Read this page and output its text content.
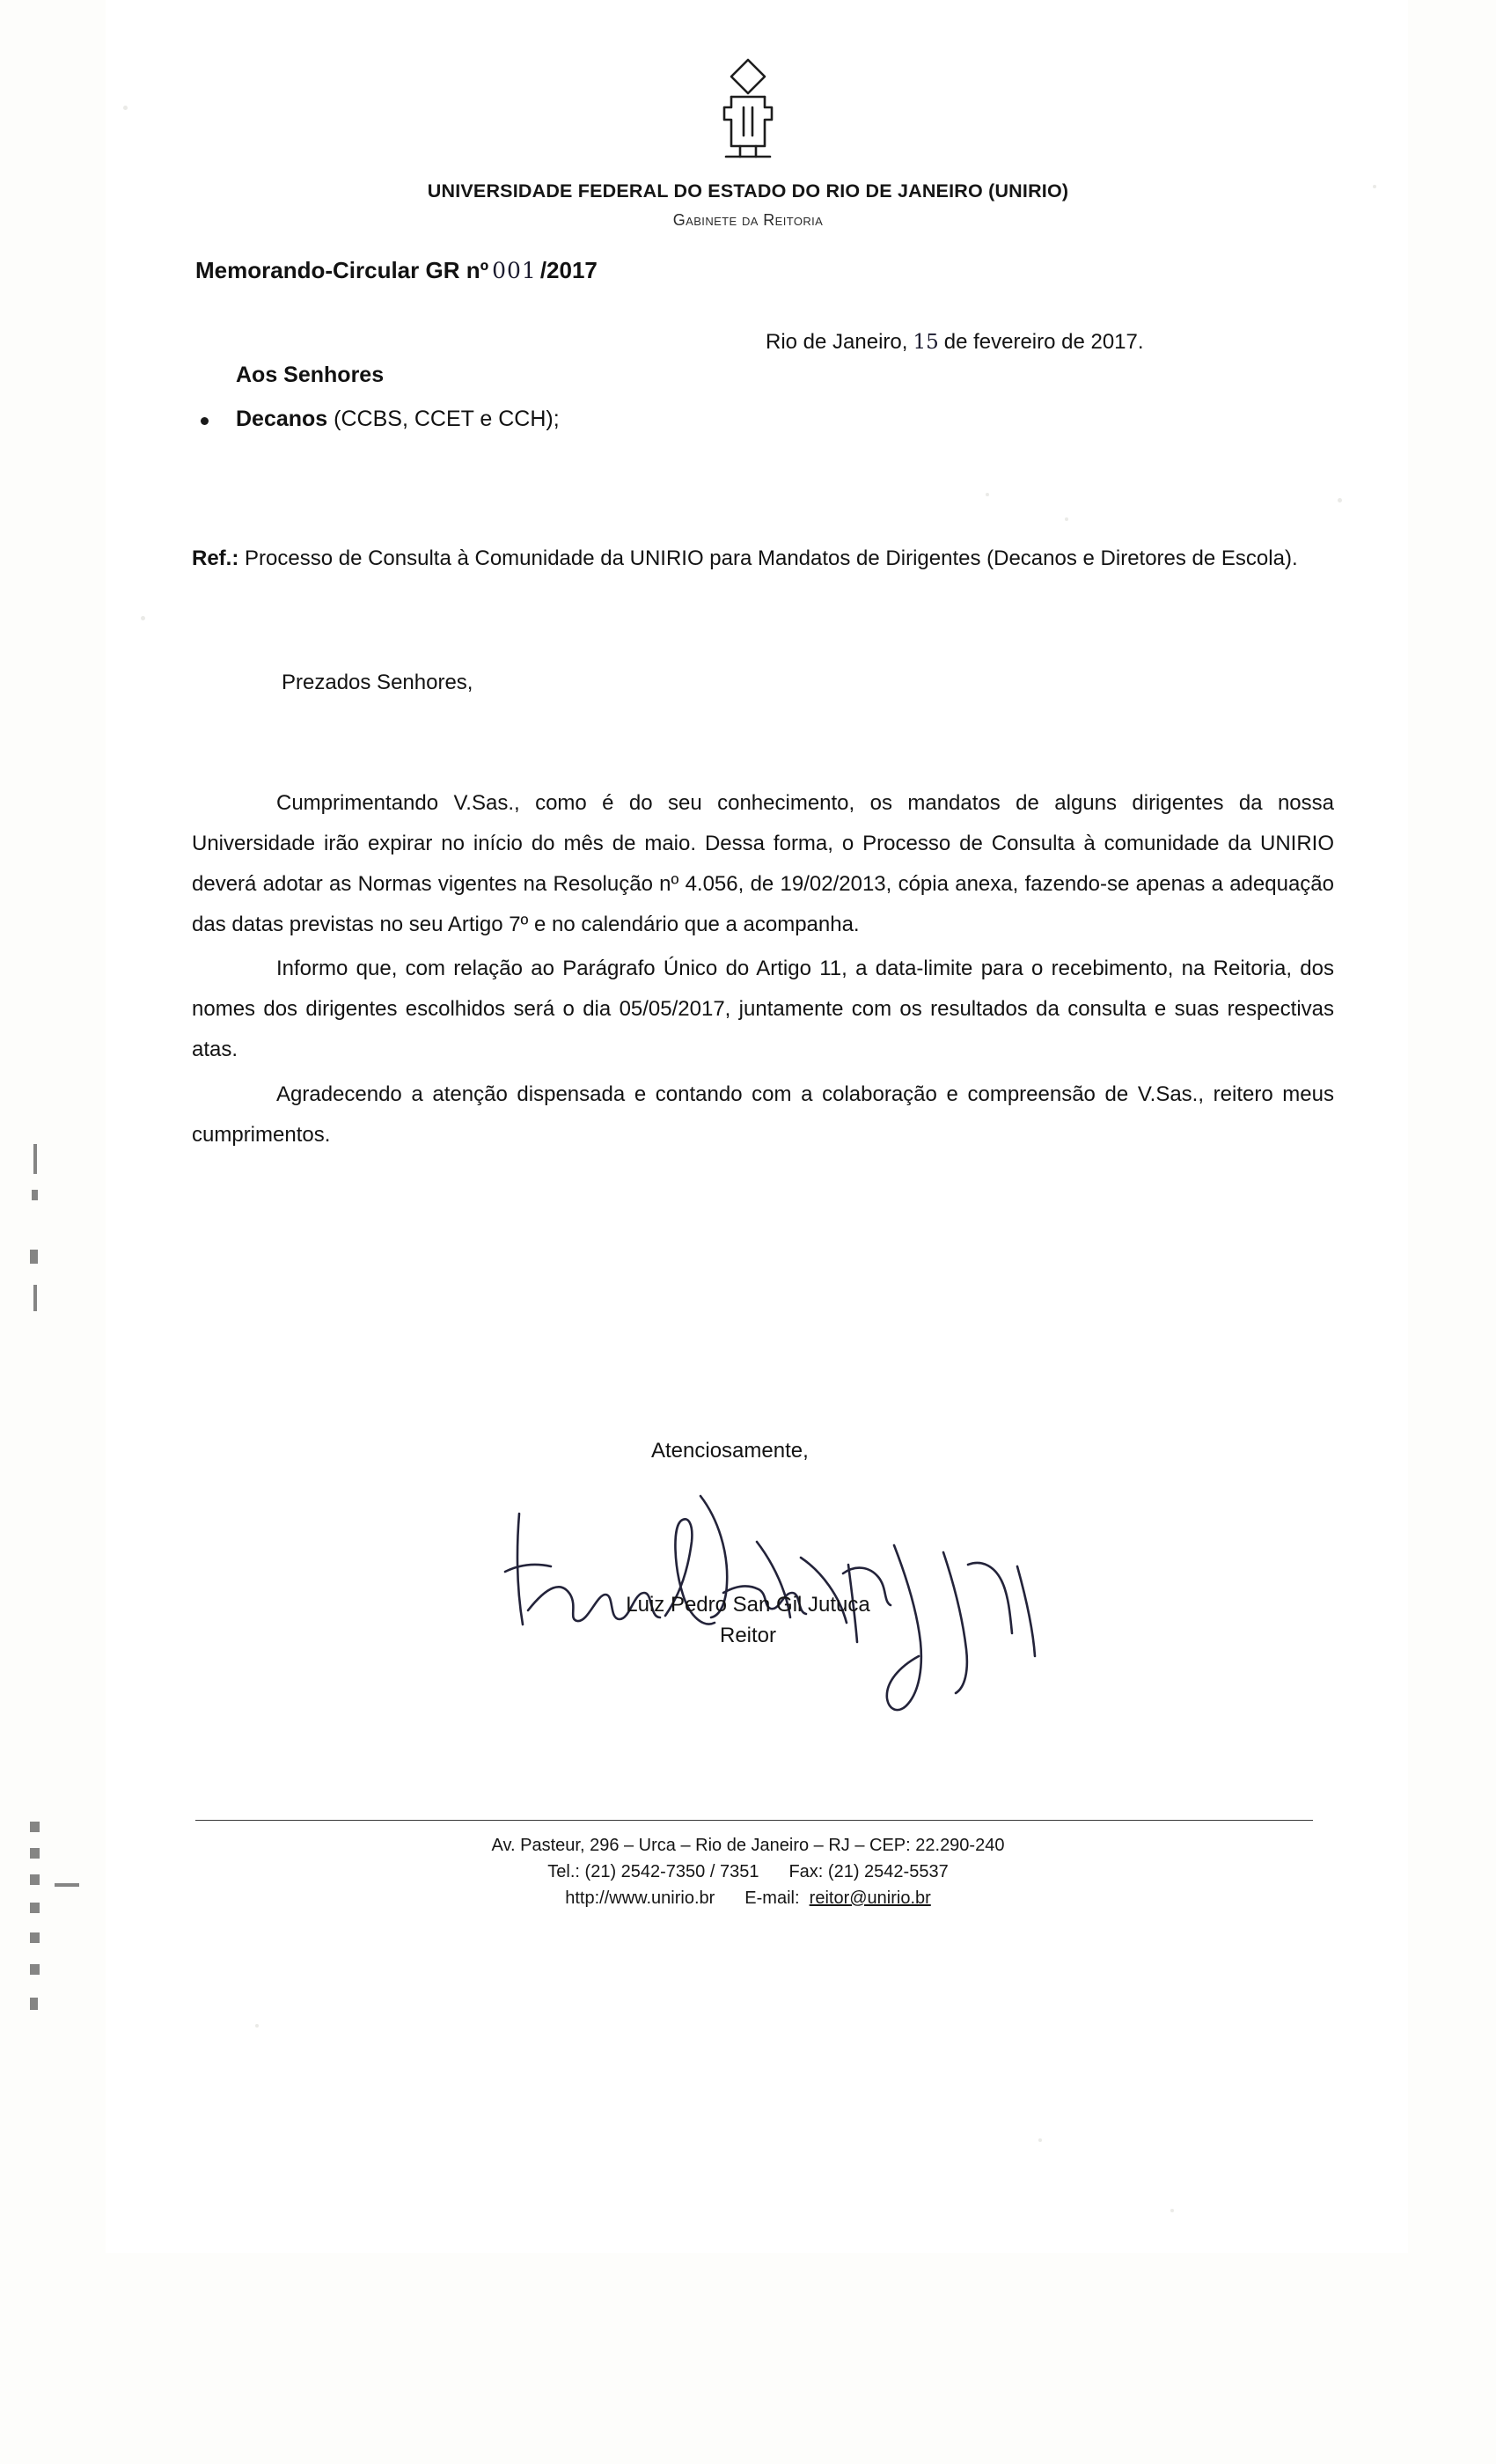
UNIVERSIDADE FEDERAL DO ESTADO DO RIO DE JANEIRO (UNIRIO)
Gabinete da Reitoria
Memorando-Circular GR nº 001 /2017
Rio de Janeiro, 15 de fevereiro de 2017.
Aos Senhores
Decanos (CCBS, CCET e CCH);
Ref.: Processo de Consulta à Comunidade da UNIRIO para Mandatos de Dirigentes (Decanos e Diretores de Escola).
Prezados Senhores,

Cumprimentando V.Sas., como é do seu conhecimento, os mandatos de alguns dirigentes da nossa Universidade irão expirar no início do mês de maio. Dessa forma, o Processo de Consulta à comunidade da UNIRIO deverá adotar as Normas vigentes na Resolução nº 4.056, de 19/02/2013, cópia anexa, fazendo-se apenas a adequação das datas previstas no seu Artigo 7º e no calendário que a acompanha.

Informo que, com relação ao Parágrafo Único do Artigo 11, a data-limite para o recebimento, na Reitoria, dos nomes dos dirigentes escolhidos será o dia 05/05/2017, juntamente com os resultados da consulta e suas respectivas atas.

Agradecendo a atenção dispensada e contando com a colaboração e compreensão de V.Sas., reitero meus cumprimentos.

Atenciosamente,
Luiz Pedro San Gil Jutuca
Reitor
Av. Pasteur, 296 – Urca – Rio de Janeiro – RJ – CEP: 22.290-240
Tel.: (21) 2542-7350 / 7351 Fax: (21) 2542-5537
http://www.unirio.br E-mail: reitor@unirio.br
